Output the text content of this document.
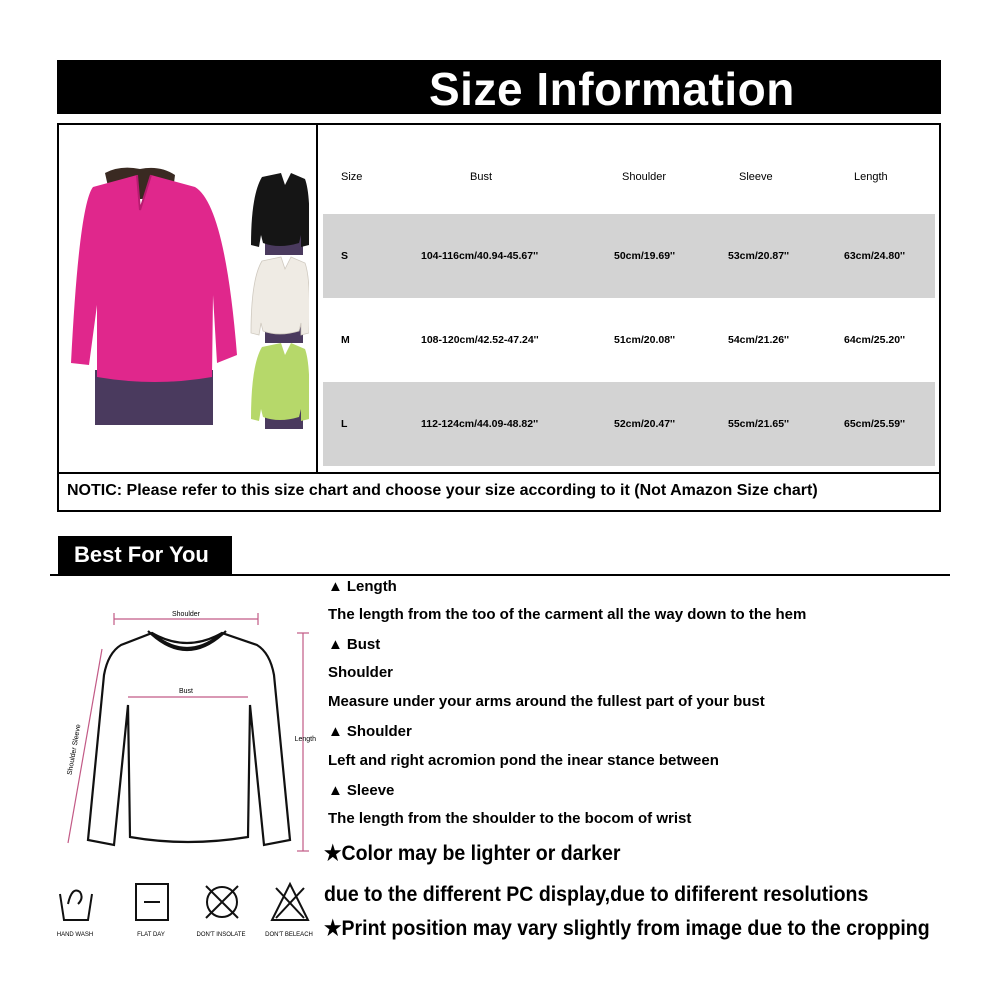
Size Information
Size	Bust	Shoulder	Sleeve	Length
S	104-116cm/40.94-45.67''	50cm/19.69''	53cm/20.87''	63cm/24.80''
M	108-120cm/42.52-47.24''	51cm/20.08''	54cm/21.26''	64cm/25.20''
L	112-124cm/44.09-48.82''	52cm/20.47''	55cm/21.65''	65cm/25.59''
NOTIC: Please refer to this size chart and choose your size according to it (Not Amazon Size chart)
Best For You
Shoulder
Bust
Shoulder Sleeve	Length
HAND WASH	FLAT DAY	DON'T INSOLATE	DON'T BELEACH
▲ Length
The length from the too of the carment all the way down to the hem
▲ Bust
Shoulder
Measure under your arms around the fullest part of your bust
▲ Shoulder
Left and right acromion pond the inear stance between
▲ Sleeve
The length from the shoulder to the bocom of wrist
★Color may be lighter or darker
due to the different PC display,due to dififerent resolutions
★Print position may vary slightly from image due to the cropping
